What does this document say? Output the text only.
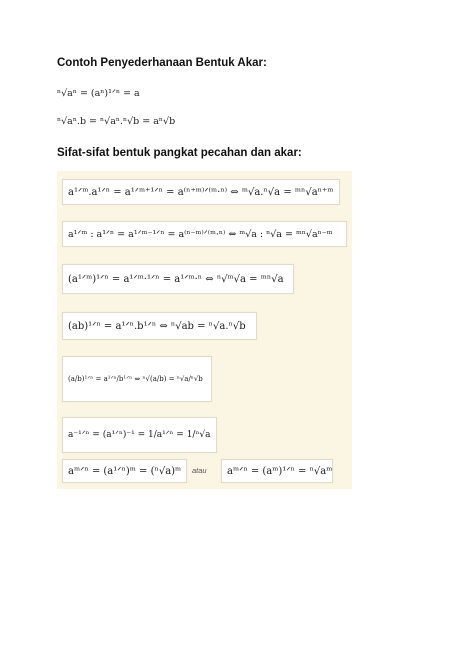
Contoh Penyederhanaan Bentuk Akar:
ⁿ√aⁿ = (aⁿ)¹ᐟⁿ = a
ⁿ√aⁿ.b = ⁿ√aⁿ.ⁿ√b = aⁿ√b
Sifat-sifat bentuk pangkat pecahan dan akar:
a¹ᐟᵐ.a¹ᐟⁿ = a¹ᐟᵐ⁺¹ᐟⁿ = a⁽ⁿ⁺ᵐ⁾ᐟ⁽ᵐ·ⁿ⁾ ⇔ ᵐ√a.ⁿ√a = ᵐⁿ√aⁿ⁺ᵐ
a¹ᐟᵐ : a¹ᐟⁿ = a¹ᐟᵐ⁻¹ᐟⁿ = a⁽ⁿ⁻ᵐ⁾ᐟ⁽ᵐ·ⁿ⁾ ⇔ ᵐ√a : ⁿ√a = ᵐⁿ√aⁿ⁻ᵐ
(a¹ᐟᵐ)¹ᐟⁿ = a¹ᐟᵐ·¹ᐟⁿ = a¹ᐟᵐ·ⁿ ⇔ ⁿ√ᵐ√a = ᵐⁿ√a
(ab)¹ᐟⁿ = a¹ᐟⁿ.b¹ᐟⁿ ⇔ ⁿ√ab = ⁿ√a.ⁿ√b
(a/b)¹ᐟⁿ = a¹ᐟⁿ/b¹ᐟⁿ ⇔ ⁿ√(a/b) = ⁿ√a/ⁿ√b
a⁻¹ᐟⁿ = (a¹ᐟⁿ)⁻¹ = 1/a¹ᐟⁿ = 1/ⁿ√a
aᵐᐟⁿ = (a¹ᐟⁿ)ᵐ = (ⁿ√a)ᵐ	atau	aᵐᐟⁿ = (aᵐ)¹ᐟⁿ = ⁿ√aᵐ
